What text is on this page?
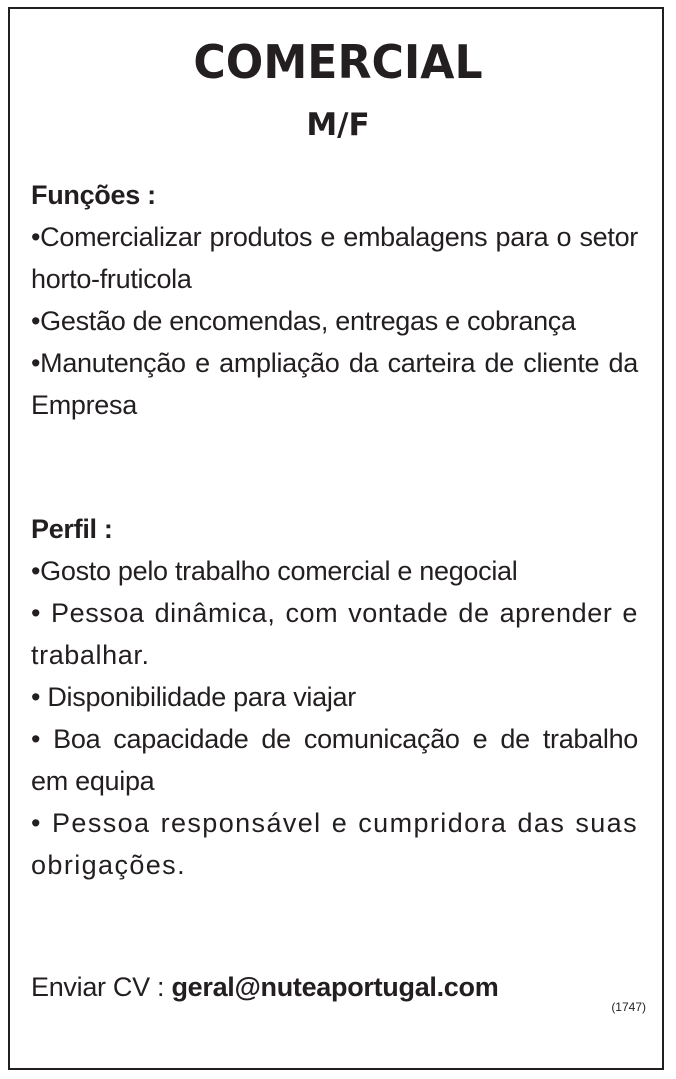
COMERCIAL
M/F

Funções :

•Comercializar produtos e embalagens para o setor horto-fruticola

•Gestão de encomendas, entregas e cobrança

•Manutenção e ampliação da carteira de cliente da Empresa

Perfil :

•Gosto pelo trabalho comercial e negocial

• Pessoa dinâmica, com vontade de aprender e trabalhar.

• Disponibilidade para viajar

• Boa capacidade de comunicação e de trabalho em equipa

• Pessoa responsável e cumpridora das suas obrigações.

Enviar CV : geral@nuteaportugal.com
(1747)
